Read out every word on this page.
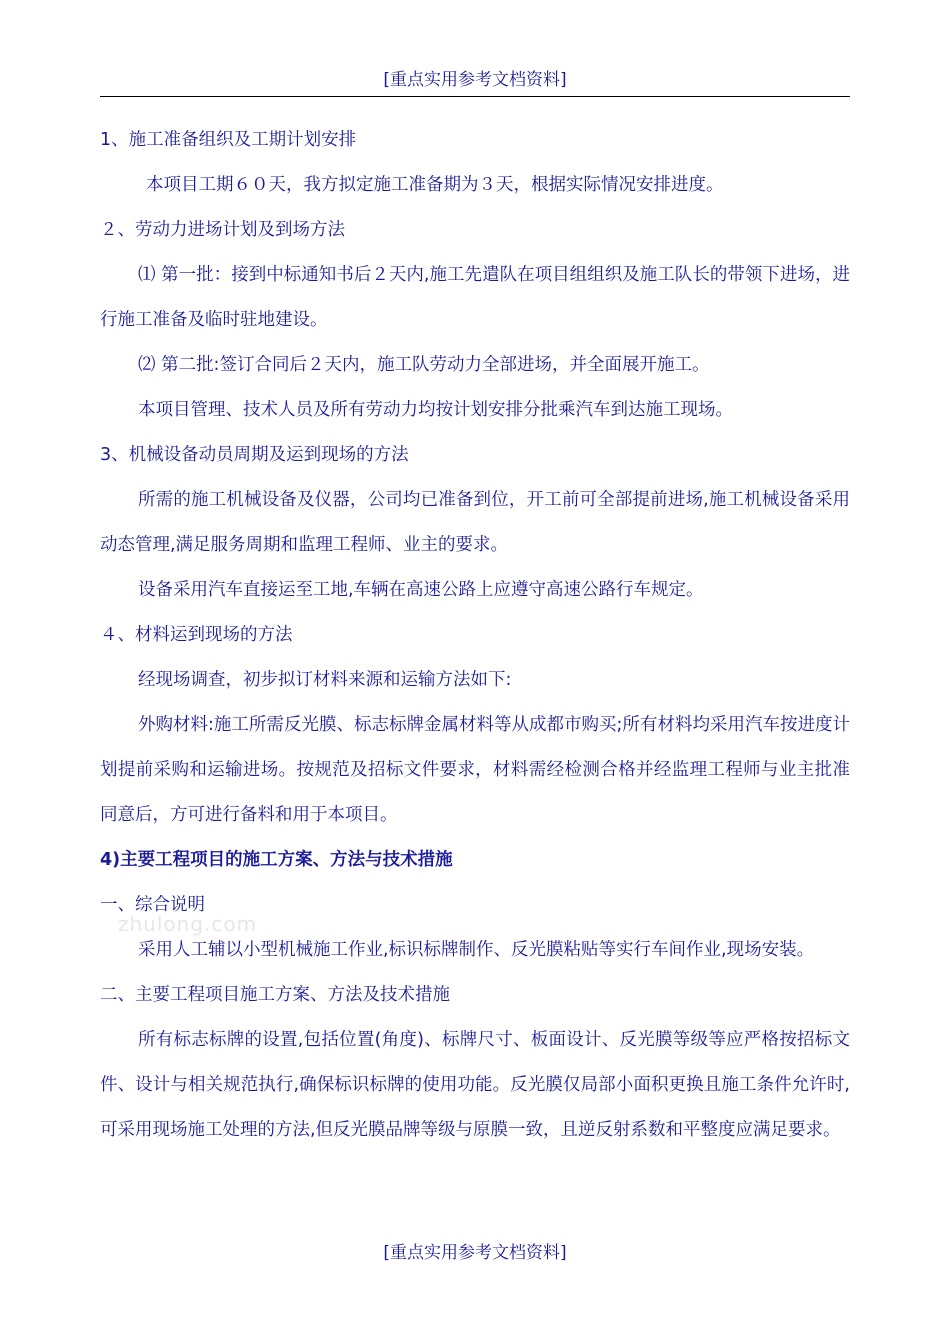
[重点实用参考文档资料]
zhulong.com

1、施工准备组织及工期计划安排

本项目工期６０天，我方拟定施工准备期为３天，根据实际情况安排进度。

２、劳动力进场计划及到场方法

⑴ 第一批：接到中标通知书后２天内,施工先遣队在项目组组织及施工队长的带领下进场，进行施工准备及临时驻地建设。

⑵ 第二批:签订合同后２天内，施工队劳动力全部进场，并全面展开施工。

本项目管理、技术人员及所有劳动力均按计划安排分批乘汽车到达施工现场。

3、机械设备动员周期及运到现场的方法

所需的施工机械设备及仪器，公司均已准备到位，开工前可全部提前进场,施工机械设备采用动态管理,满足服务周期和监理工程师、业主的要求。

设备采用汽车直接运至工地,车辆在高速公路上应遵守高速公路行车规定。

４、材料运到现场的方法

经现场调查，初步拟订材料来源和运输方法如下:

外购材料:施工所需反光膜、标志标牌金属材料等从成都市购买;所有材料均采用汽车按进度计划提前采购和运输进场。按规范及招标文件要求，材料需经检测合格并经监理工程师与业主批准同意后，方可进行备料和用于本项目。

4)主要工程项目的施工方案、方法与技术措施

一、综合说明

采用人工辅以小型机械施工作业,标识标牌制作、反光膜粘贴等实行车间作业,现场安装。

二、主要工程项目施工方案、方法及技术措施

所有标志标牌的设置,包括位置(角度)、标牌尺寸、板面设计、反光膜等级等应严格按招标文件、设计与相关规范执行,确保标识标牌的使用功能。反光膜仅局部小面积更换且施工条件允许时,可采用现场施工处理的方法,但反光膜品牌等级与原膜一致，且逆反射系数和平整度应满足要求。

[重点实用参考文档资料]
